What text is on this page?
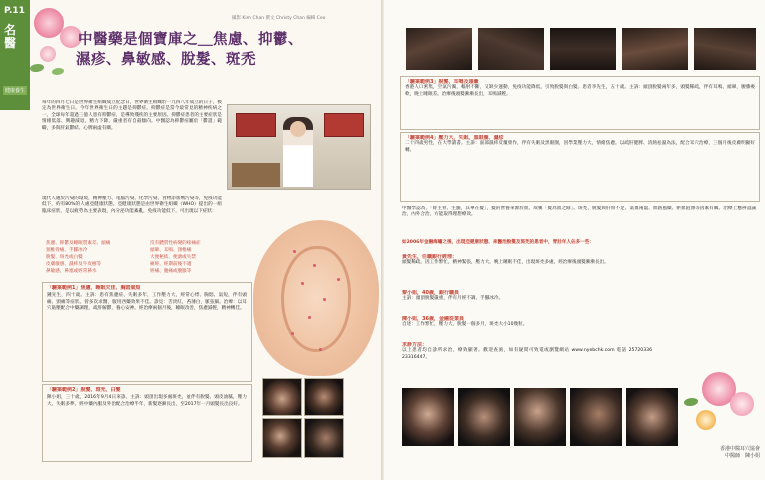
P.11
名醫
健康養生
攝影 Kim Chan 撰文 Christy Chan 編輯 Ceo
中醫藥是個寶庫之＿焦慮、抑鬱、
濕疹、鼻敏感、脫髮、斑禿
每年的四月七日是世界衛生組織成立紀念日，世界衛生組織於一九四八年成立的日子，被定為世界衛生日。今年世界衛生日的主題是抑鬱症。抑鬱症是當今最常見的精神疾病之一，全球每年超過三億人患有抑鬱症，是導致殘疾的主要原因。抑鬱症患者的主要症狀是情緒低落、興趣減退、精力下降，嚴重者有自殺傾向。中醫認為抑鬱症屬於「鬱證」範疇，多與肝氣鬱結、心脾兩虛有關。
現代人處於污染的環境，精神壓力、電腦污染、化學污染、食物添加劑污染等，免疫功能低下，約有80%的人處亞健康狀態。亞健康狀態是由世界衛生組織（WHO）提出的一組臨床症狀，是以疲勞為主要表現，內分泌功能紊亂，免疫功能低下，可出現以下症狀：
焦慮、抑鬱及睡眠質素差、頭痛
頸椎骨痛、手腳冰冷
脫髮、斑禿或白髮
皮膚敏感、濕疹及牛皮癬等
鼻敏感、鼻塞或經常鼻水
沒有體質性病變的疼痛症
頭暈、耳鳴、頸椎痛
大便秘結、便溏或失禁
痛經、經期前後不適
經痛、腹痛或腹脹等
「驗案範例1」焦慮、睡眠欠佳、胸悶氣短
鍾先生，四十歲。主訴：患有焦慮症、失眠多年，工作壓力大，經常心悸、胸悶、氣短，伴有頭痛、頸痛等症狀。曾多次求醫，服用西藥效果不佳。診見：舌淡紅，苔薄白，脈弦細。治療：以耳穴貼壓配合中藥調理，疏肝解鬱，養心安神。經治療兩個月後，睡眠改善，焦慮減輕，精神轉佳。
「驗案範例2」脫髮、斑禿、白髮
陳小姐，三十歲，2016年9月4日來診。主訴：頭頂出現多處斑禿，並伴有脫髮、頭皮油膩，壓力大、失眠多夢。經中藥內服及外治配合治療半年，新髮逐漸長出，至2017年一月頭髮長出良好。
「驗案範例3」脫髮、耳鳴及頭暈
香港人口密集，空氣污濁，輻射不斷，又缺少運動，免疫功能降低，引致脫髮與白髮。患者李先生，五十歲。主訴：頭頂脫髮兩年多，頭髮稀疏，伴有耳鳴、頭暈，腰膝痠軟，晚上睡眠差。治療後頭髮漸漸長出，耳鳴減輕。
「驗案範例4」壓力大、失眠、黑眼圈、濕疹
二十四歲男性，在大學讀書。主訴：面部濕疹反覆發作，伴有失眠及黑眼圈，因學業壓力大，情緒焦慮。以疏肝健脾、清熱祛濕為法，配合耳穴治療，三個月後皮膚明顯好轉。
中醫學認為，「腎主骨、生髓，其華在髮」，髮的營養來源於血，故稱「髮為血之餘」。斑禿、脫髮與肝腎不足、氣血兩虛、血熱風燥、瘀血阻滯等因素有關。治療上應辨證論治，內外合治，方能取得理想療效。
如2006年金融海嘯之後，出現亞健康狀態、來醫治脫髮及斑禿的患者中，青壯年人佔多一些：
黃先生，任職銀行經理：
頭髮稀疏，因工作繁忙，精神緊張，壓力大，晚上睡眠不佳，出現斑禿多處，經治療後頭髮漸漸長出。
黎小姐，40歲，銀行職員
主訴：頭頂脫髮嚴重，伴有月經不調、手腳冰冷。
陳小姐，36歲，金融從業員
自述：工作繁忙，壓力大，脫髮一個多月，斑禿大小10幾粒。
求診方法：
以上患者均自診所求治，療效顯著。歡迎查詢，如有疑問可致電或瀏覽網站 www.nyebchk.com 電話 25720336 23316447。
香港中醫耳穴協會
中醫師　陳小姐
